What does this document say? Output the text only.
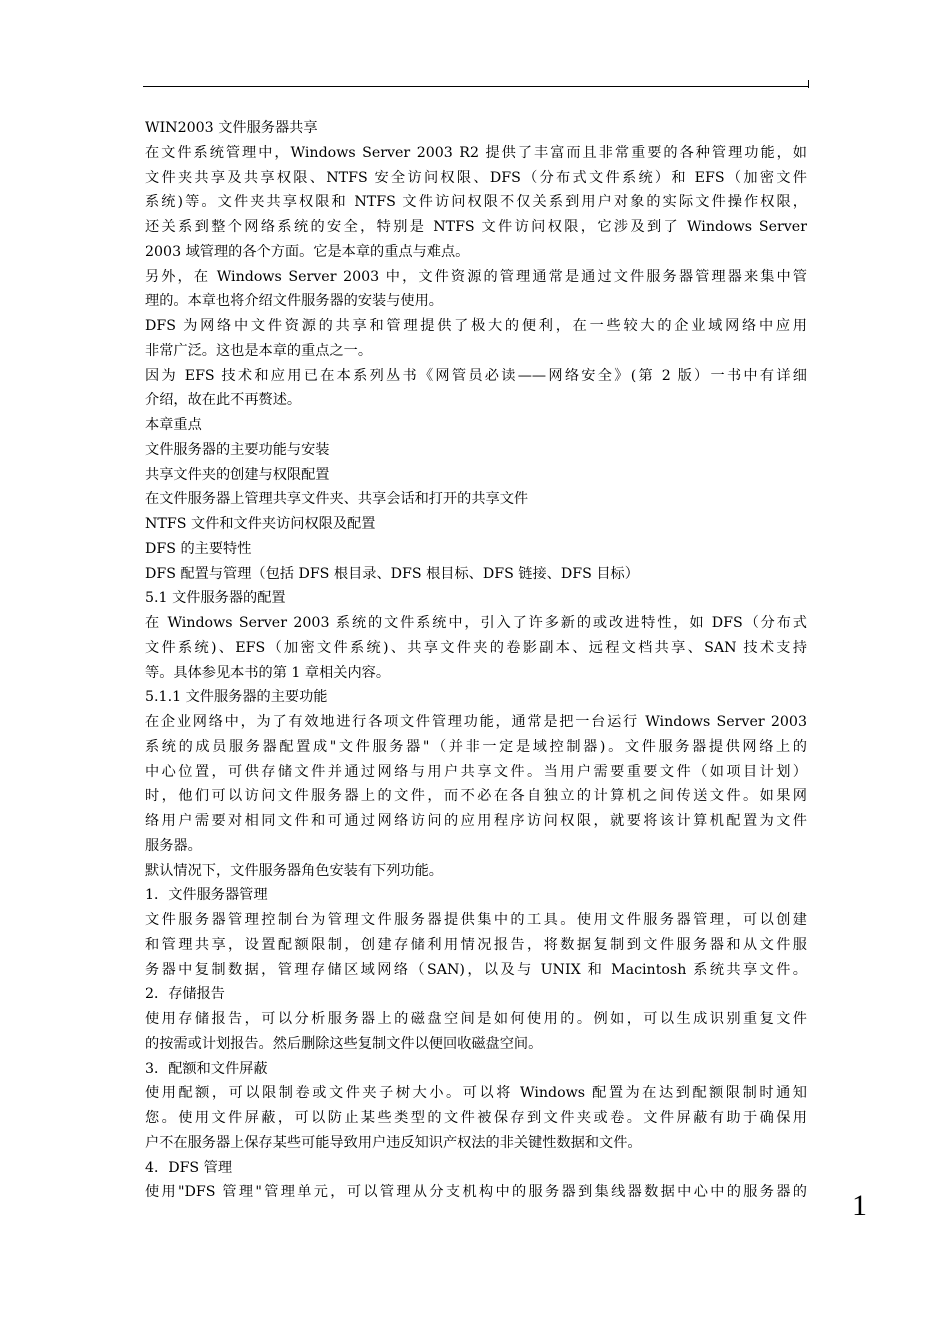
WIN2003 文件服务器共享
在文件系统管理中，Windows Server 2003 R2 提供了丰富而且非常重要的各种管理功能，如
文件夹共享及共享权限、NTFS 安全访问权限、DFS（分布式文件系统）和 EFS（加密文件
系统)等。文件夹共享权限和 NTFS 文件访问权限不仅关系到用户对象的实际文件操作权限，
还关系到整个网络系统的安全，特别是 NTFS 文件访问权限，它涉及到了 Windows Server
2003 域管理的各个方面。它是本章的重点与难点。
另外，在 Windows Server 2003 中，文件资源的管理通常是通过文件服务器管理器来集中管
理的。本章也将介绍文件服务器的安装与使用。
DFS 为网络中文件资源的共享和管理提供了极大的便利，在一些较大的企业域网络中应用
非常广泛。这也是本章的重点之一。
因为 EFS 技术和应用已在本系列丛书《网管员必读——网络安全》(第 2 版）一书中有详细
介绍，故在此不再赘述。
本章重点
文件服务器的主要功能与安装
共享文件夹的创建与权限配置
在文件服务器上管理共享文件夹、共享会话和打开的共享文件
NTFS 文件和文件夹访问权限及配置
DFS 的主要特性
DFS 配置与管理（包括 DFS 根目录、DFS 根目标、DFS 链接、DFS 目标）
5.1 文件服务器的配置
在 Windows Server 2003 系统的文件系统中，引入了许多新的或改进特性，如 DFS（分布式
文件系统)、EFS（加密文件系统)、共享文件夹的卷影副本、远程文档共享、SAN 技术支持
等。具体参见本书的第 1 章相关内容。
5.1.1 文件服务器的主要功能
在企业网络中，为了有效地进行各项文件管理功能，通常是把一台运行 Windows Server 2003
系统的成员服务器配置成"文件服务器"（并非一定是域控制器)。文件服务器提供网络上的
中心位置，可供存储文件并通过网络与用户共享文件。当用户需要重要文件（如项目计划）
时，他们可以访问文件服务器上的文件，而不必在各自独立的计算机之间传送文件。如果网
络用户需要对相同文件和可通过网络访问的应用程序访问权限，就要将该计算机配置为文件
服务器。
默认情况下，文件服务器角色安装有下列功能。
1．文件服务器管理
文件服务器管理控制台为管理文件服务器提供集中的工具。使用文件服务器管理，可以创建
和管理共享，设置配额限制，创建存储利用情况报告，将数据复制到文件服务器和从文件服
务器中复制数据，管理存储区域网络（SAN)，以及与 UNIX 和 Macintosh 系统共享文件。
2．存储报告
使用存储报告，可以分析服务器上的磁盘空间是如何使用的。例如，可以生成识别重复文件
的按需或计划报告。然后删除这些复制文件以便回收磁盘空间。
3．配额和文件屏蔽
使用配额，可以限制卷或文件夹子树大小。可以将 Windows 配置为在达到配额限制时通知
您。使用文件屏蔽，可以防止某些类型的文件被保存到文件夹或卷。文件屏蔽有助于确保用
户不在服务器上保存某些可能导致用户违反知识产权法的非关键性数据和文件。
4．DFS 管理
使用"DFS 管理"管理单元，可以管理从分支机构中的服务器到集线器数据中心中的服务器的 1
